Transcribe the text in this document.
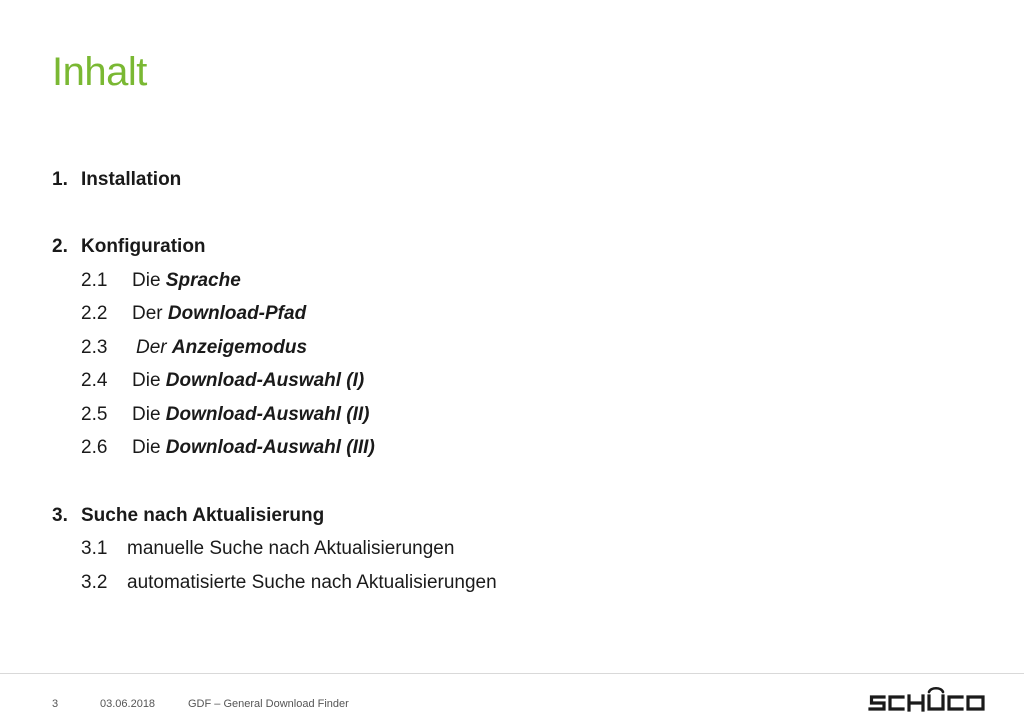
Inhalt
1. Installation
2. Konfiguration
2.1 Die Sprache
2.2 Der Download-Pfad
2.3 Der Anzeigemodus
2.4 Die Download-Auswahl (I)
2.5 Die Download-Auswahl (II)
2.6 Die Download-Auswahl (III)
3. Suche nach Aktualisierung
3.1 manuelle Suche nach Aktualisierungen
3.2 automatisierte Suche nach Aktualisierungen
3	03.06.2018	GDF – General Download Finder
